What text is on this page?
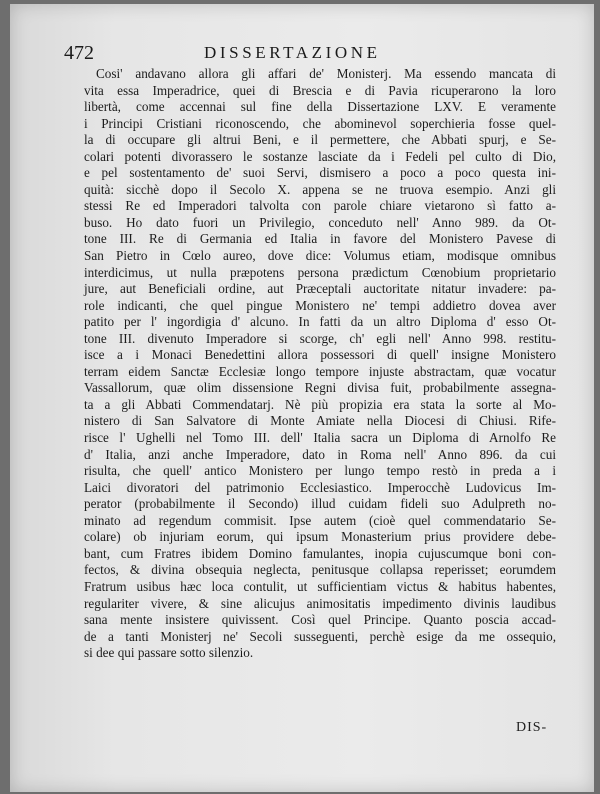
472	DISSERTAZIONE
Cosi' andavano allora gli affari de' Monisterj. Ma essendo mancata di
vita essa Imperadrice, quei di Brescia e di Pavia ricuperarono la loro
libertà, come accennai sul fine della Dissertazione LXV. E veramente
i Principi Cristiani riconoscendo, che abominevol soperchieria fosse quel-
la di occupare gli altrui Beni, e il permettere, che Abbati spurj, e Se-
colari potenti divorassero le sostanze lasciate da i Fedeli pel culto di Dio,
e pel sostentamento de' suoi Servi, dismisero a poco a poco questa ini-
quità: sicchè dopo il Secolo X. appena se ne truova esempio. Anzi gli
stessi Re ed Imperadori talvolta con parole chiare vietarono sì fatto a-
buso. Ho dato fuori un Privilegio, conceduto nell' Anno 989. da Ot-
tone III. Re di Germania ed Italia in favore del Monistero Pavese di
San Pietro in Cœlo aureo, dove dice: Volumus etiam, modisque omnibus
interdicimus, ut nulla præpotens persona prædictum Cœnobium proprietario
jure, aut Beneficiali ordine, aut Præceptali auctoritate nitatur invadere: pa-
role indicanti, che quel pingue Monistero ne' tempi addietro dovea aver
patito per l' ingordigia d' alcuno. In fatti da un altro Diploma d' esso Ot-
tone III. divenuto Imperadore si scorge, ch' egli nell' Anno 998. restitu-
isce a i Monaci Benedettini allora possessori di quell' insigne Monistero
terram eidem Sanctæ Ecclesiæ longo tempore injuste abstractam, quæ vocatur
Vassallorum, quæ olim dissensione Regni divisa fuit, probabilmente assegna-
ta a gli Abbati Commendatarj. Nè più propizia era stata la sorte al Mo-
nistero di San Salvatore di Monte Amiate nella Diocesi di Chiusi. Rife-
risce l' Ughelli nel Tomo III. dell' Italia sacra un Diploma di Arnolfo Re
d' Italia, anzi anche Imperadore, dato in Roma nell' Anno 896. da cui
risulta, che quell' antico Monistero per lungo tempo restò in preda a i
Laici divoratori del patrimonio Ecclesiastico. Imperocchè Ludovicus Im-
perator (probabilmente il Secondo) illud cuidam fideli suo Adulpreth no-
minato ad regendum commisit. Ipse autem (cioè quel commendatario Se-
colare) ob injuriam eorum, qui ipsum Monasterium prius providere debe-
bant, cum Fratres ibidem Domino famulantes, inopia cujuscumque boni con-
fectos, & divina obsequia neglecta, penitusque collapsa reperisset; eorumdem
Fratrum usibus hæc loca contulit, ut sufficientiam victus & habitus habentes,
regulariter vivere, & sine alicujus animositatis impedimento divinis laudibus
sana mente insistere quivissent. Così quel Principe. Quanto poscia accad-
de a tanti Monisterj ne' Secoli susseguenti, perchè esige da me ossequio,
si dee qui passare sotto silenzio.
DIS-
